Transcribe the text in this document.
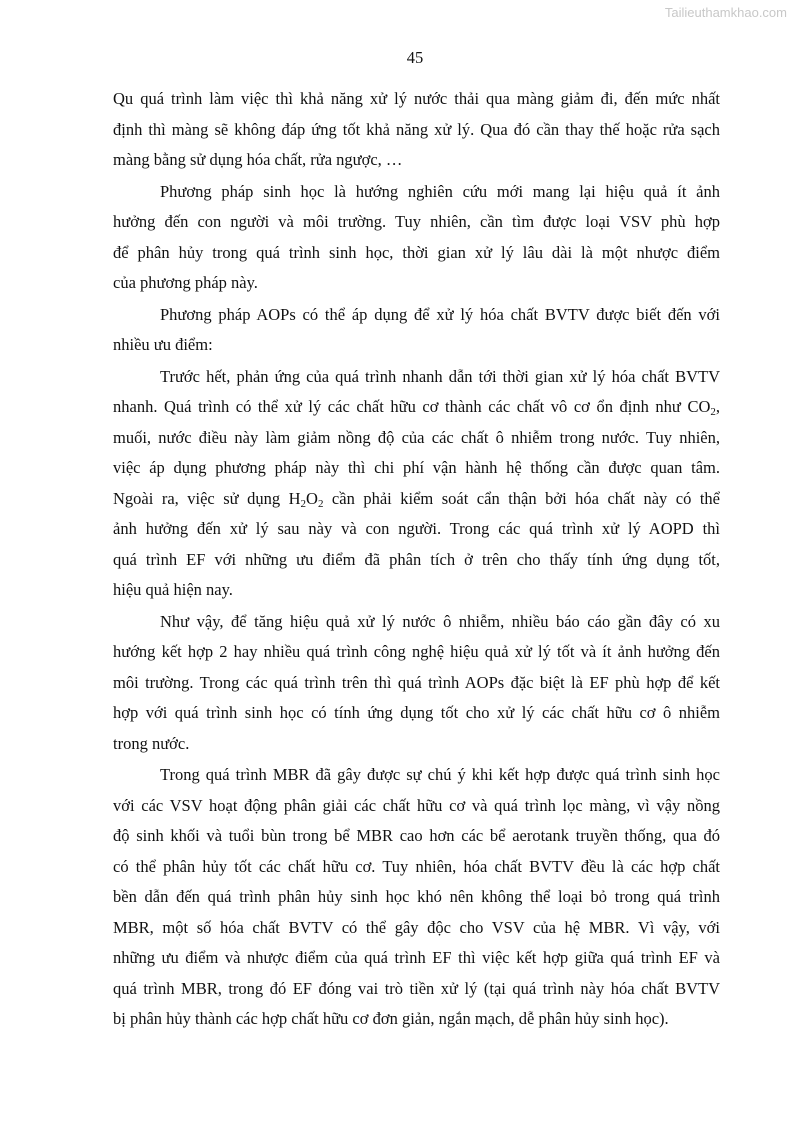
Tailieuthamkhao.com
45
Qu quá trình làm việc thì khả năng xử lý nước thải qua màng giảm đi, đến mức nhất
định thì màng sẽ không đáp ứng tốt khả năng xử lý. Qua đó cần thay thế hoặc rửa sạch
màng bằng sử dụng hóa chất, rửa ngược, …
Phương pháp sinh học là hướng nghiên cứu mới mang lại hiệu quả ít ảnh
hưởng đến con người và môi trường. Tuy nhiên, cần tìm được loại VSV phù hợp
để phân hủy trong quá trình sinh học, thời gian xử lý lâu dài là một nhược điểm
của phương pháp này.
Phương pháp AOPs có thể áp dụng để xử lý hóa chất BVTV được biết đến với
nhiều ưu điểm:
Trước hết, phản ứng của quá trình nhanh dẫn tới thời gian xử lý hóa chất BVTV
nhanh. Quá trình có thể xử lý các chất hữu cơ thành các chất vô cơ ổn định như $CO_2$,
muối, nước điều này làm giảm nồng độ của các chất ô nhiễm trong nước. Tuy nhiên,
việc áp dụng phương pháp này thì chi phí vận hành hệ thống cần được quan tâm.
Ngoài ra, việc sử dụng $H_2O_2$ cần phải kiểm soát cẩn thận bởi hóa chất này có thể
ảnh hưởng đến xử lý sau này và con người. Trong các quá trình xử lý AOPD thì
quá trình EF với những ưu điểm đã phân tích ở trên cho thấy tính ứng dụng tốt,
hiệu quả hiện nay.
Như vậy, để tăng hiệu quả xử lý nước ô nhiễm, nhiều báo cáo gần đây có xu
hướng kết hợp 2 hay nhiều quá trình công nghệ hiệu quả xử lý tốt và ít ảnh hưởng đến
môi trường. Trong các quá trình trên thì quá trình AOPs đặc biệt là EF phù hợp để kết
hợp với quá trình sinh học có tính ứng dụng tốt cho xử lý các chất hữu cơ ô nhiễm
trong nước.
Trong quá trình MBR đã gây được sự chú ý khi kết hợp được quá trình sinh học
với các VSV hoạt động phân giải các chất hữu cơ và quá trình lọc màng, vì vậy nồng
độ sinh khối và tuổi bùn trong bể MBR cao hơn các bể aerotank truyền thống, qua đó
có thể phân hủy tốt các chất hữu cơ. Tuy nhiên, hóa chất BVTV đều là các hợp chất
bền dẫn đến quá trình phân hủy sinh học khó nên không thể loại bỏ trong quá trình
MBR, một số hóa chất BVTV có thể gây độc cho VSV của hệ MBR. Vì vậy, với
những ưu điểm và nhược điểm của quá trình EF thì việc kết hợp giữa quá trình EF và
quá trình MBR, trong đó EF đóng vai trò tiền xử lý (tại quá trình này hóa chất BVTV
bị phân hủy thành các hợp chất hữu cơ đơn giản, ngắn mạch, dễ phân hủy sinh học).
